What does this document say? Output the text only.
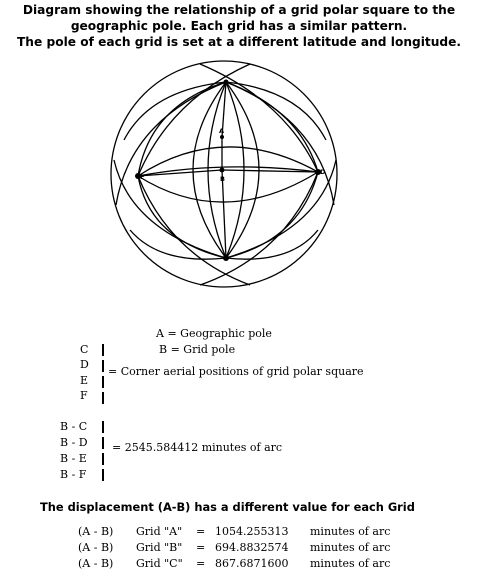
Diagram showing the relationship of a grid polar square to the
geographic pole. Each grid has a similar pattern.
The pole of each grid is set at a different latitude and longitude.
C
A
B
F
D
E
A = Geographic pole
B = Grid pole
C
D
E
F
= Corner aerial positions of grid polar square
B - C
B - D
B - E
B - F
= 2545.584412 minutes of arc
The displacement (A-B) has a different value for each Grid
(A - B) Grid "A" = 1054.255313 minutes of arc
(A - B) Grid "B" = 694.8832574 minutes of arc
(A - B) Grid "C" = 867.6871600 minutes of arc
